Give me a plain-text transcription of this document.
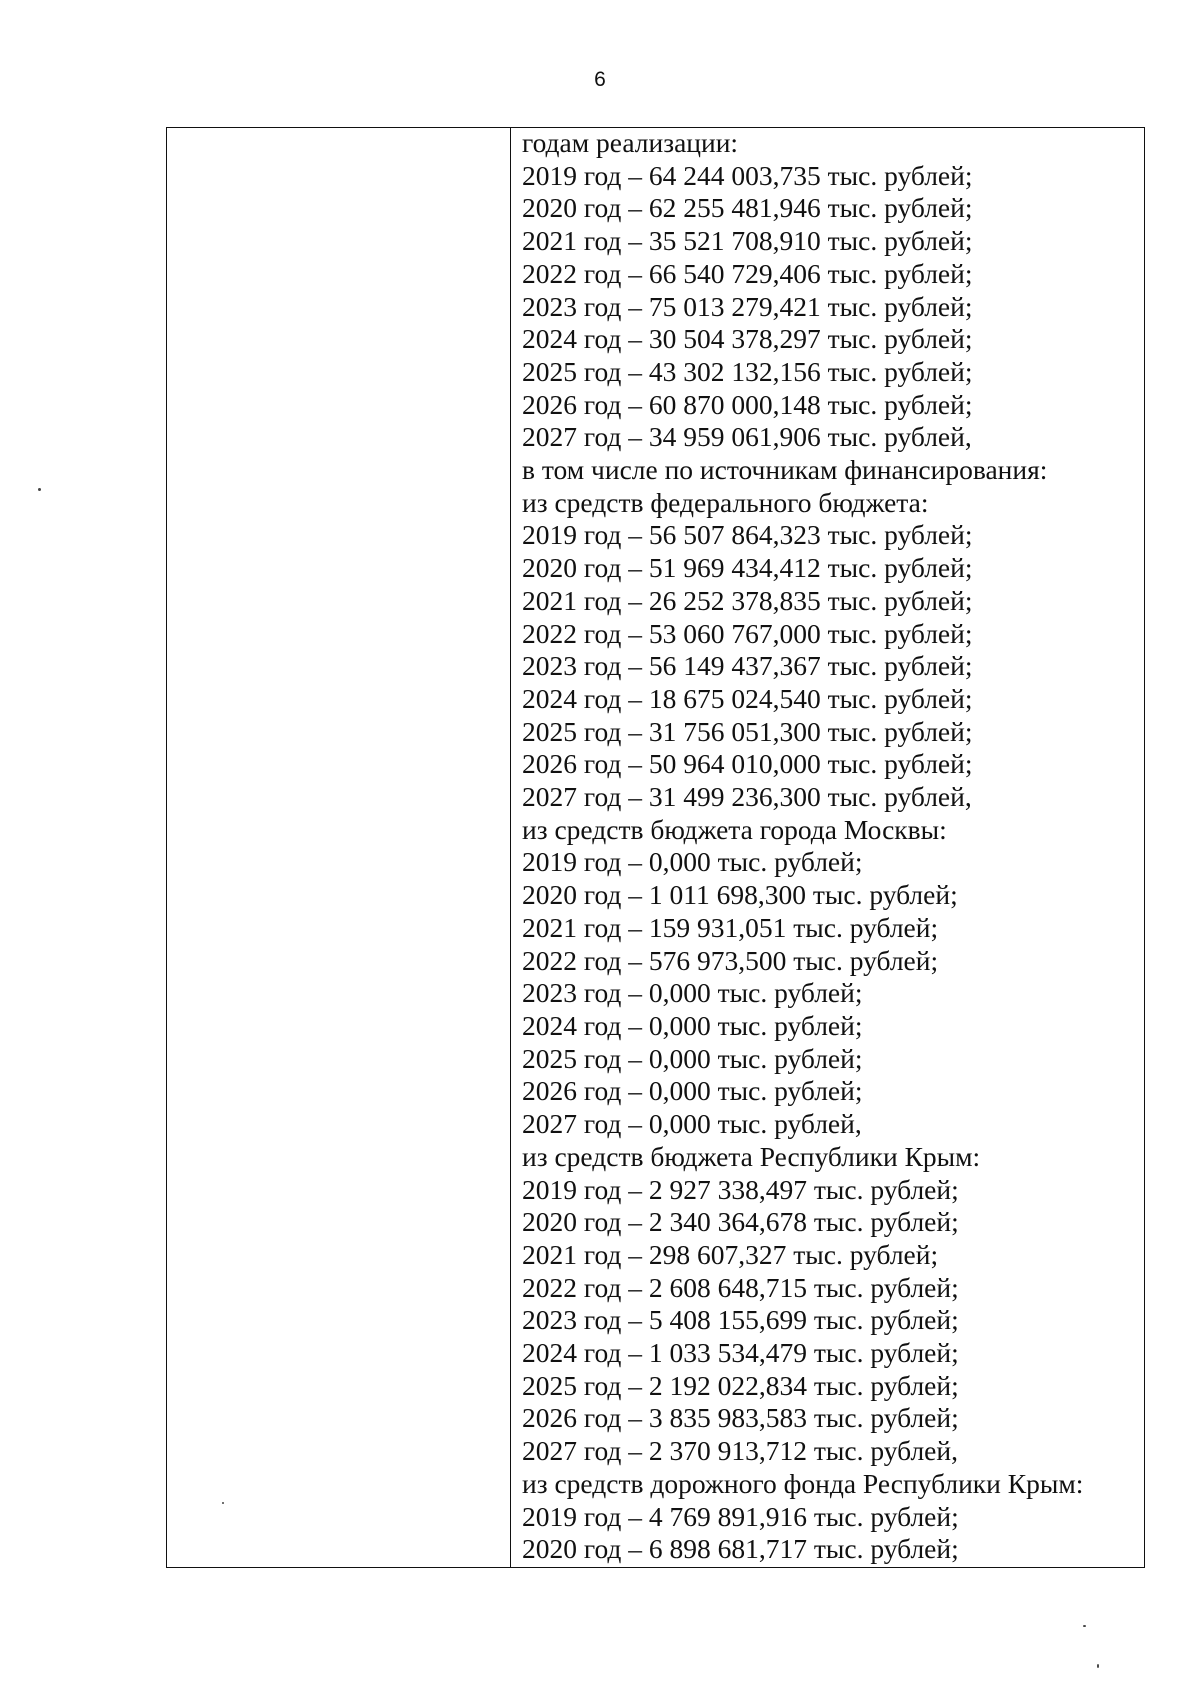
6
годам реализации:
2019 год – 64 244 003,735 тыс. рублей;
2020 год – 62 255 481,946 тыс. рублей;
2021 год – 35 521 708,910 тыс. рублей;
2022 год – 66 540 729,406 тыс. рублей;
2023 год – 75 013 279,421 тыс. рублей;
2024 год – 30 504 378,297 тыс. рублей;
2025 год – 43 302 132,156 тыс. рублей;
2026 год – 60 870 000,148 тыс. рублей;
2027 год – 34 959 061,906 тыс. рублей,
в том числе по источникам финансирования:
из средств федерального бюджета:
2019 год – 56 507 864,323 тыс. рублей;
2020 год – 51 969 434,412 тыс. рублей;
2021 год – 26 252 378,835 тыс. рублей;
2022 год – 53 060 767,000 тыс. рублей;
2023 год – 56 149 437,367 тыс. рублей;
2024 год – 18 675 024,540 тыс. рублей;
2025 год – 31 756 051,300 тыс. рублей;
2026 год – 50 964 010,000 тыс. рублей;
2027 год – 31 499 236,300 тыс. рублей,
из средств бюджета города Москвы:
2019 год – 0,000 тыс. рублей;
2020 год – 1 011 698,300 тыс. рублей;
2021 год – 159 931,051 тыс. рублей;
2022 год – 576 973,500 тыс. рублей;
2023 год – 0,000 тыс. рублей;
2024 год – 0,000 тыс. рублей;
2025 год – 0,000 тыс. рублей;
2026 год – 0,000 тыс. рублей;
2027 год – 0,000 тыс. рублей,
из средств бюджета Республики Крым:
2019 год – 2 927 338,497 тыс. рублей;
2020 год – 2 340 364,678 тыс. рублей;
2021 год – 298 607,327 тыс. рублей;
2022 год – 2 608 648,715 тыс. рублей;
2023 год – 5 408 155,699 тыс. рублей;
2024 год – 1 033 534,479 тыс. рублей;
2025 год – 2 192 022,834 тыс. рублей;
2026 год – 3 835 983,583 тыс. рублей;
2027 год – 2 370 913,712 тыс. рублей,
из средств дорожного фонда Республики Крым:
2019 год – 4 769 891,916 тыс. рублей;
2020 год – 6 898 681,717 тыс. рублей;
